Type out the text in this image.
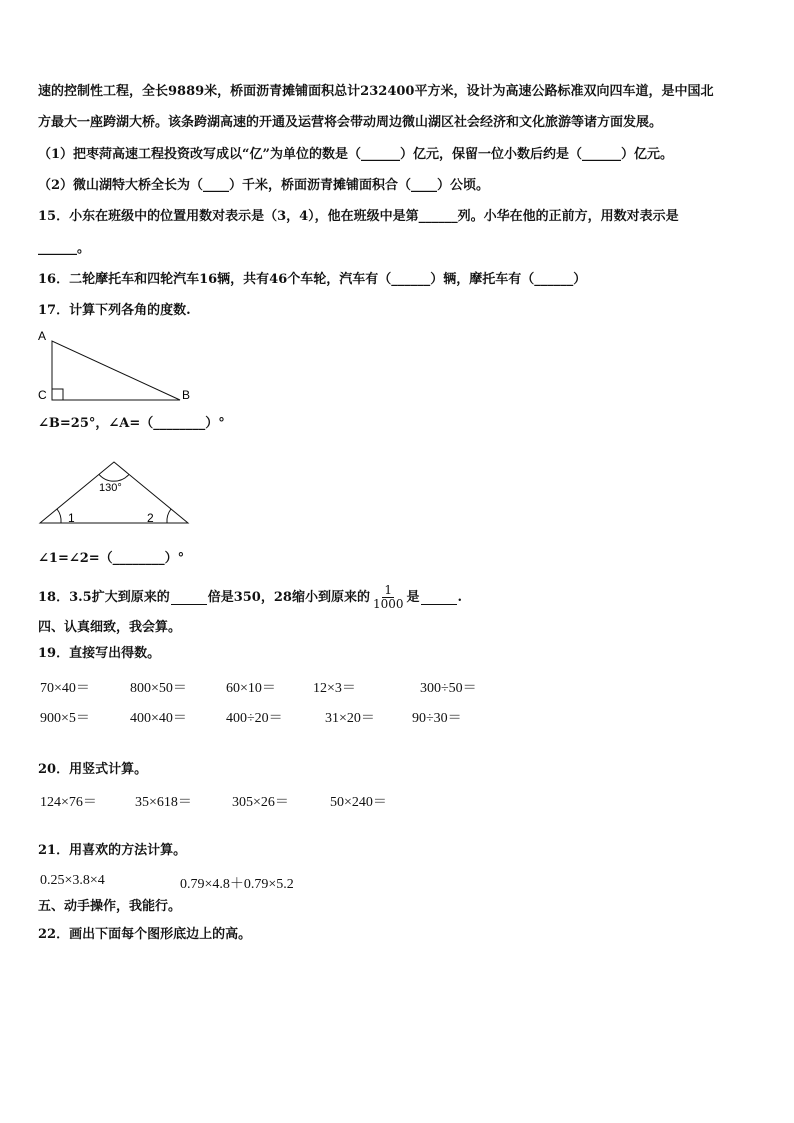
速的控制性工程，全长9889米，桥面沥青摊铺面积总计232400平方米，设计为高速公路标准双向四车道，是中国北
方最大一座跨湖大桥。该条跨湖高速的开通及运营将会带动周边微山湖区社会经济和文化旅游等诸方面发展。
（1）把枣菏高速工程投资改写成以“亿”为单位的数是（______）亿元，保留一位小数后约是（______）亿元。
（2）微山湖特大桥全长为（____）千米，桥面沥青摊铺面积合（____）公顷。
15．小东在班级中的位置用数对表示是（3，4），他在班级中是第______列。小华在他的正前方，用数对表示是
______。
16．二轮摩托车和四轮汽车16辆，共有46个车轮，汽车有（______）辆，摩托车有（______）
17．计算下列各角的度数.
A
C	B
∠B=25°，∠A=（________）°
130°
1	2
∠1=∠2=（________）°
18．3.5扩大到原来的	倍是350，28缩小到原来的 $\frac{1}{1000}$ 是	.
四、认真细致，我会算。
19．直接写出得数。
70×40＝	800×50＝	60×10＝	12×3＝	300÷50＝
900×5＝	400×40＝	400÷20＝	31×20＝	90÷30＝
20．用竖式计算。
124×76＝	35×618＝	305×26＝	50×240＝
21．用喜欢的方法计算。
0.25×3.8×4	0.79×4.8＋0.79×5.2
五、动手操作，我能行。
22．画出下面每个图形底边上的高。
